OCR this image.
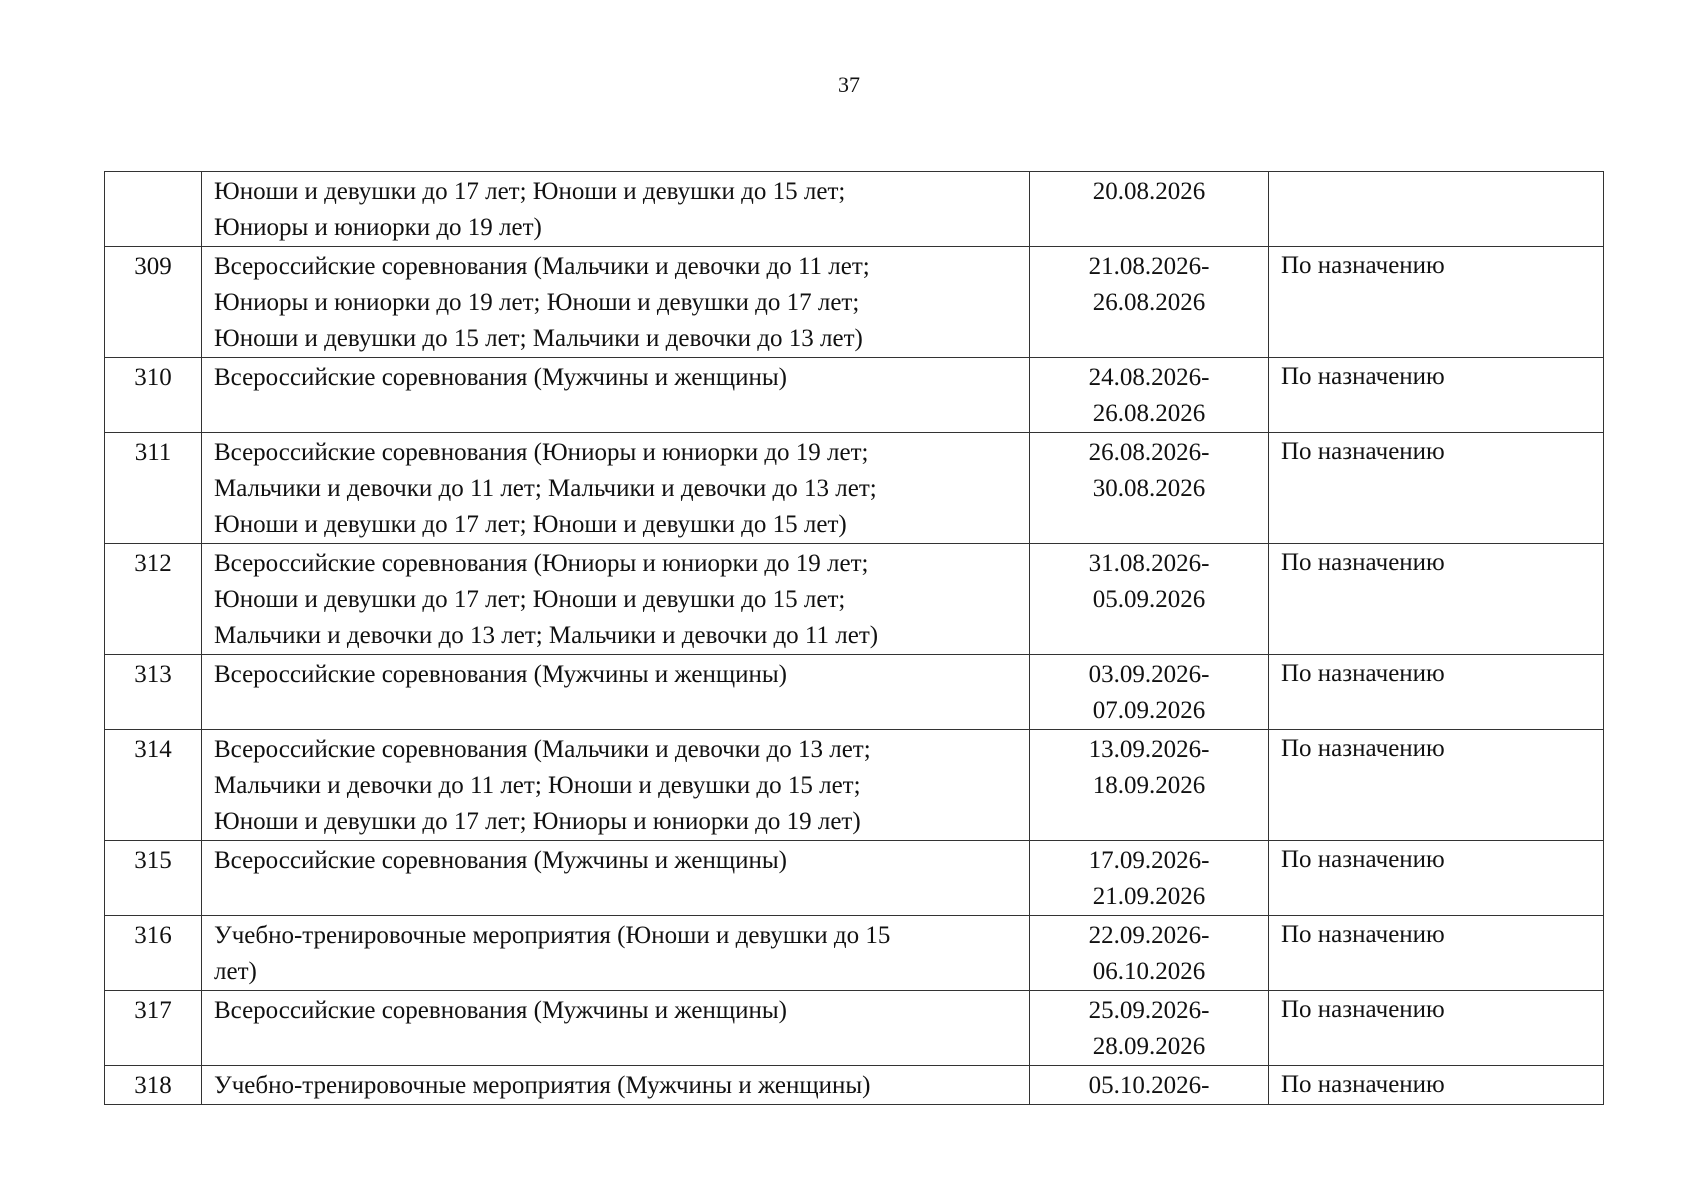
37

	Юноши и девушки до 17 лет; Юноши и девушки до 15 лет;
Юниоры и юниорки до 19 лет)	20.08.2026	

309	Всероссийские соревнования (Мальчики и девочки до 11 лет;
Юниоры и юниорки до 19 лет; Юноши и девушки до 17 лет;
Юноши и девушки до 15 лет; Мальчики и девочки до 13 лет)	21.08.2026-
26.08.2026	По назначению
310	Всероссийские соревнования (Мужчины и женщины)	24.08.2026-
26.08.2026	По назначению
311	Всероссийские соревнования (Юниоры и юниорки до 19 лет;
Мальчики и девочки до 11 лет; Мальчики и девочки до 13 лет;
Юноши и девушки до 17 лет; Юноши и девушки до 15 лет)	26.08.2026-
30.08.2026	По назначению
312	Всероссийские соревнования (Юниоры и юниорки до 19 лет;
Юноши и девушки до 17 лет; Юноши и девушки до 15 лет;
Мальчики и девочки до 13 лет; Мальчики и девочки до 11 лет)	31.08.2026-
05.09.2026	По назначению
313	Всероссийские соревнования (Мужчины и женщины)	03.09.2026-
07.09.2026	По назначению
314	Всероссийские соревнования (Мальчики и девочки до 13 лет;
Мальчики и девочки до 11 лет; Юноши и девушки до 15 лет;
Юноши и девушки до 17 лет; Юниоры и юниорки до 19 лет)	13.09.2026-
18.09.2026	По назначению
315	Всероссийские соревнования (Мужчины и женщины)	17.09.2026-
21.09.2026	По назначению
316	Учебно-тренировочные мероприятия (Юноши и девушки до 15
лет)	22.09.2026-
06.10.2026	По назначению
317	Всероссийские соревнования (Мужчины и женщины)	25.09.2026-
28.09.2026	По назначению
318	Учебно-тренировочные мероприятия (Мужчины и женщины)	05.10.2026-	По назначению
